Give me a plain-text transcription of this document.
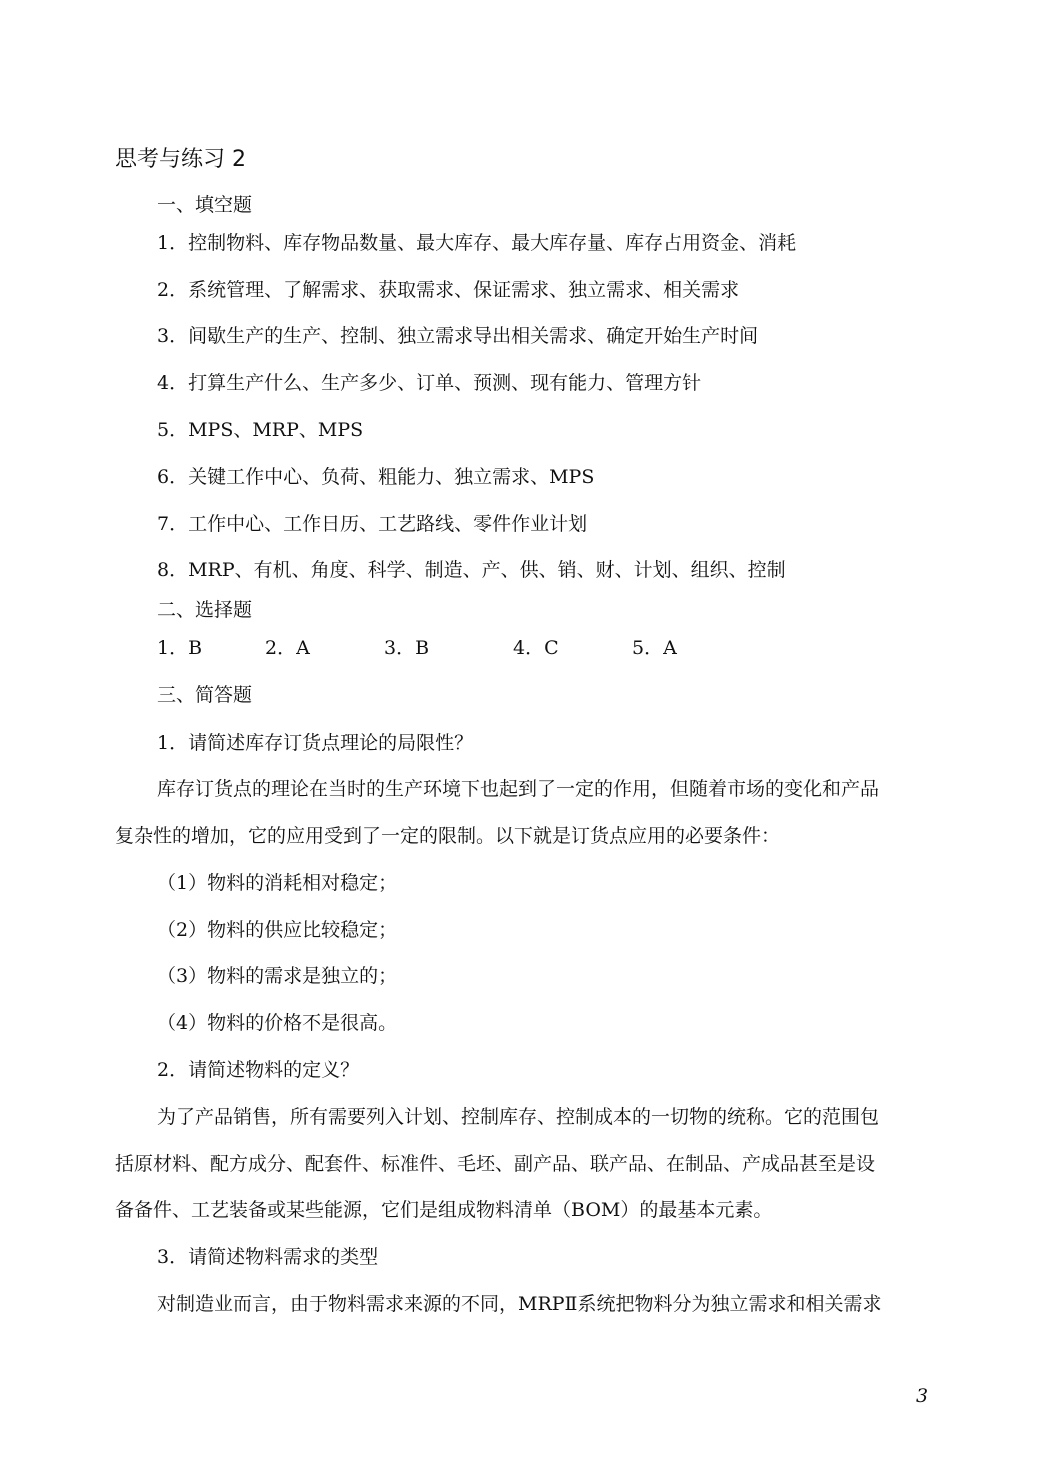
思考与练习 2
一、填空题
1．控制物料、库存物品数量、最大库存、最大库存量、库存占用资金、消耗
2．系统管理、了解需求、获取需求、保证需求、独立需求、相关需求
3．间歇生产的生产、控制、独立需求导出相关需求、确定开始生产时间
4．打算生产什么、生产多少、订单、预测、现有能力、管理方针
5．MPS、MRP、MPS
6．关键工作中心、负荷、粗能力、独立需求、MPS
7．工作中心、工作日历、工艺路线、零件作业计划
8．MRP、有机、角度、科学、制造、产、供、销、财、计划、组织、控制
二、选择题
1．B	2．A	3．B	4．C	5．A
三、简答题
1．请简述库存订货点理论的局限性？
库存订货点的理论在当时的生产环境下也起到了一定的作用，但随着市场的变化和产品
复杂性的增加，它的应用受到了一定的限制。以下就是订货点应用的必要条件：
（1）物料的消耗相对稳定；
（2）物料的供应比较稳定；
（3）物料的需求是独立的；
（4）物料的价格不是很高。
2．请简述物料的定义？
为了产品销售，所有需要列入计划、控制库存、控制成本的一切物的统称。它的范围包
括原材料、配方成分、配套件、标准件、毛坯、副产品、联产品、在制品、产成品甚至是设
备备件、工艺装备或某些能源，它们是组成物料清单（BOM）的最基本元素。
3．请简述物料需求的类型
对制造业而言，由于物料需求来源的不同，MRPⅡ系统把物料分为独立需求和相关需求
3
